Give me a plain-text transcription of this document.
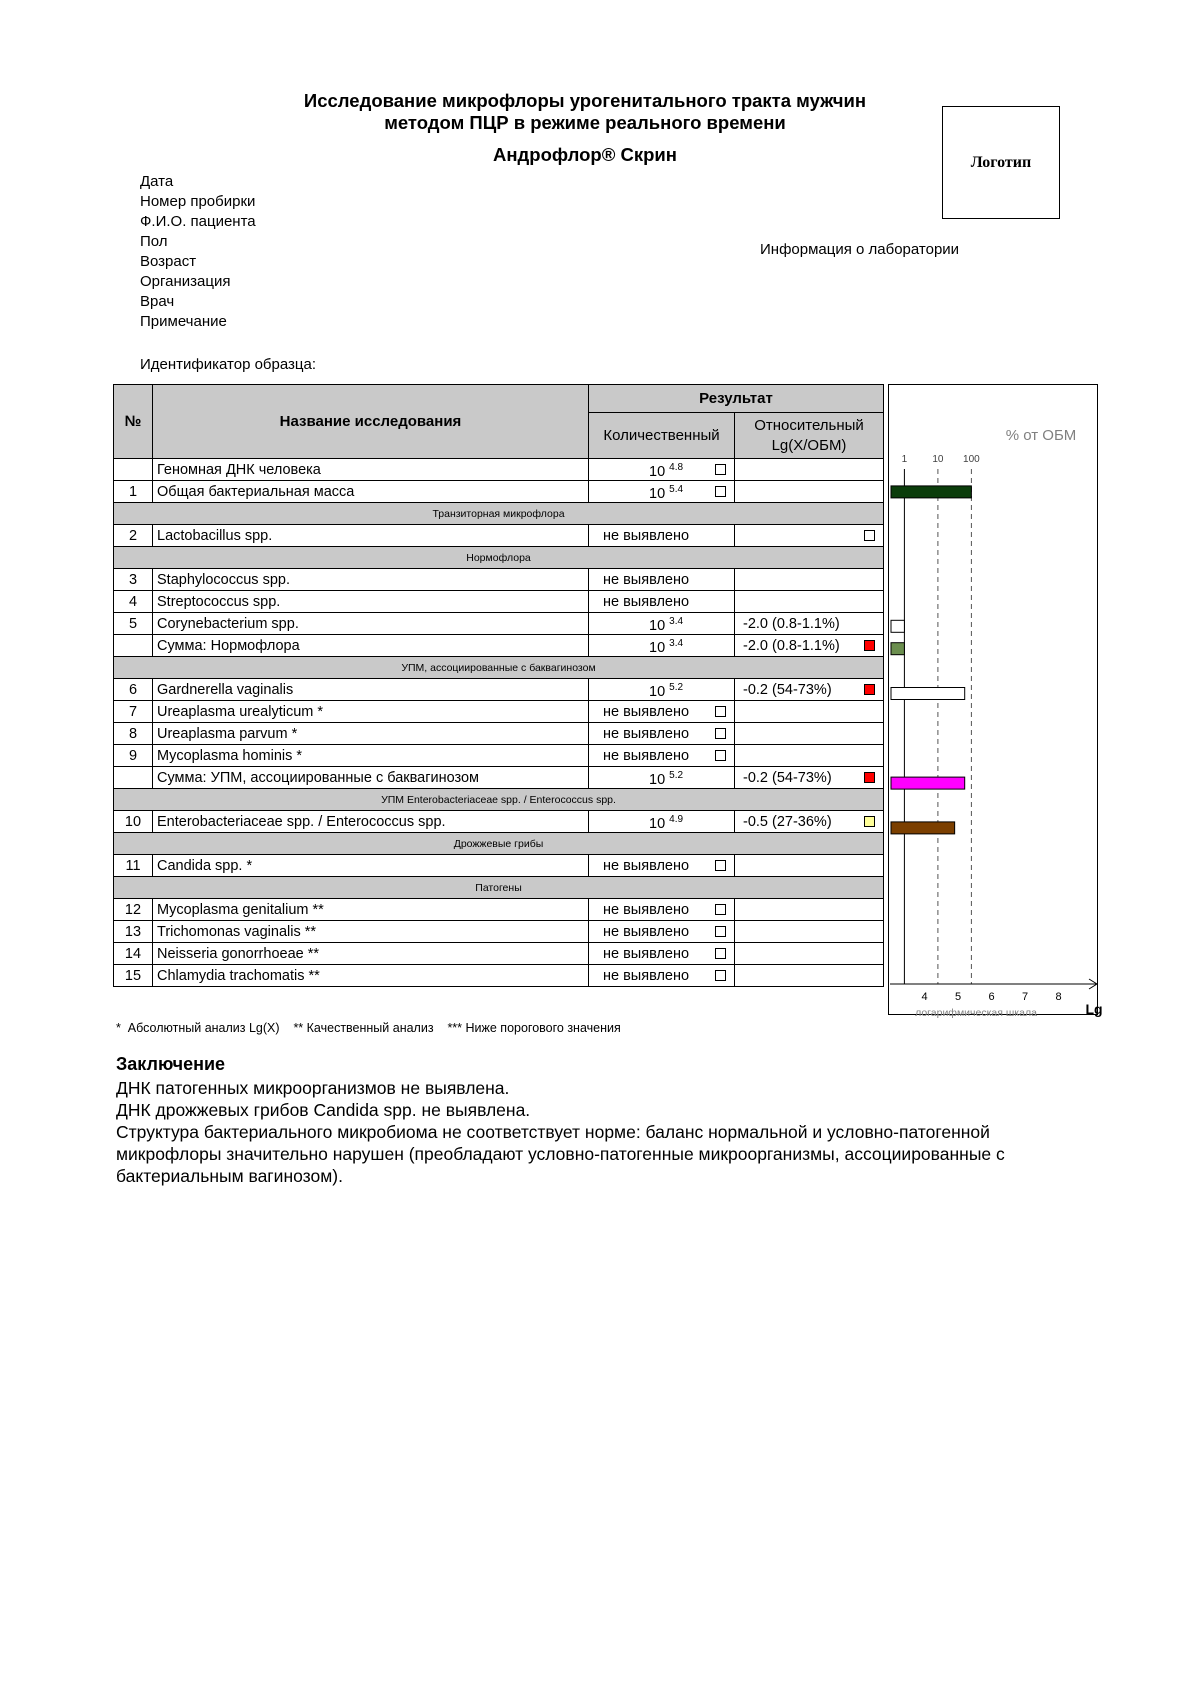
Исследование микрофлоры урогенитального тракта мужчин
методом ПЦР в режиме реального времени
Андрофлор® Скрин	Логотип
Информация о лаборатории
Дата
Номер пробирки
Ф.И.О. пациента
Пол
Возраст
Организация
Врач
Примечание
Идентификатор образца:
№	Название исследования	Результат	
		Количественный	Относительный
Lg(X/ОБМ)

	Геномная ДНК человека	10 $^{4.8}$

1	Общая бактериальная масса	10 $^{5.4}$

Транзиторная микрофлора			
2	Lactobacillus spp.	не выявлено	

Нормофлора			
3	Staphylococcus spp.	не выявлено	

4	Streptococcus spp.	не выявлено	

5	Corynebacterium spp.	10 $^{3.4}$	-2.0 (0.8-1.1%)

	Сумма: Нормофлора	10 $^{3.4}$	-2.0 (0.8-1.1%)

УПМ, ассоциированные с баквагинозом			
6	Gardnerella vaginalis	10 $^{5.2}$	-0.2 (54-73%)

7	Ureaplasma urealyticum *	не выявлено	

8	Ureaplasma parvum *	не выявлено	

9	Mycoplasma hominis *	не выявлено	

	Сумма: УПМ, ассоциированные с баквагинозом	10 $^{5.2}$	-0.2 (54-73%)

УПМ Enterobacteriaceae spp. / Enterococcus spp.			
10	Enterobacteriaceae spp. / Enterococcus spp.	10 $^{4.9}$	-0.5 (27-36%)

Дрожжевые грибы			
11	Candida spp. *	не выявлено	

Патогены			
12	Mycoplasma genitalium **	не выявлено	

13	Trichomonas vaginalis **	не выявлено	

14	Neisseria gonorrhoeae **	не выявлено	

15	Chlamydia trachomatis **	не выявлено	

% от ОБМ
1	10 100
4 5 6 7 8
логарифмическая шкала	Lg
*  Абсолютный анализ Lg(X)    ** Качественный анализ    *** Ниже порогового значения
Заключение
ДНК патогенных микроорганизмов не выявлена.
ДНК дрожжевых грибов Candida spp. не выявлена.
Структура бактериального микробиома не соответствует норме: баланс нормальной и условно-патогенной микрофлоры значительно нарушен (преобладают условно-патогенные микроорганизмы, ассоциированные с бактериальным вагинозом).
